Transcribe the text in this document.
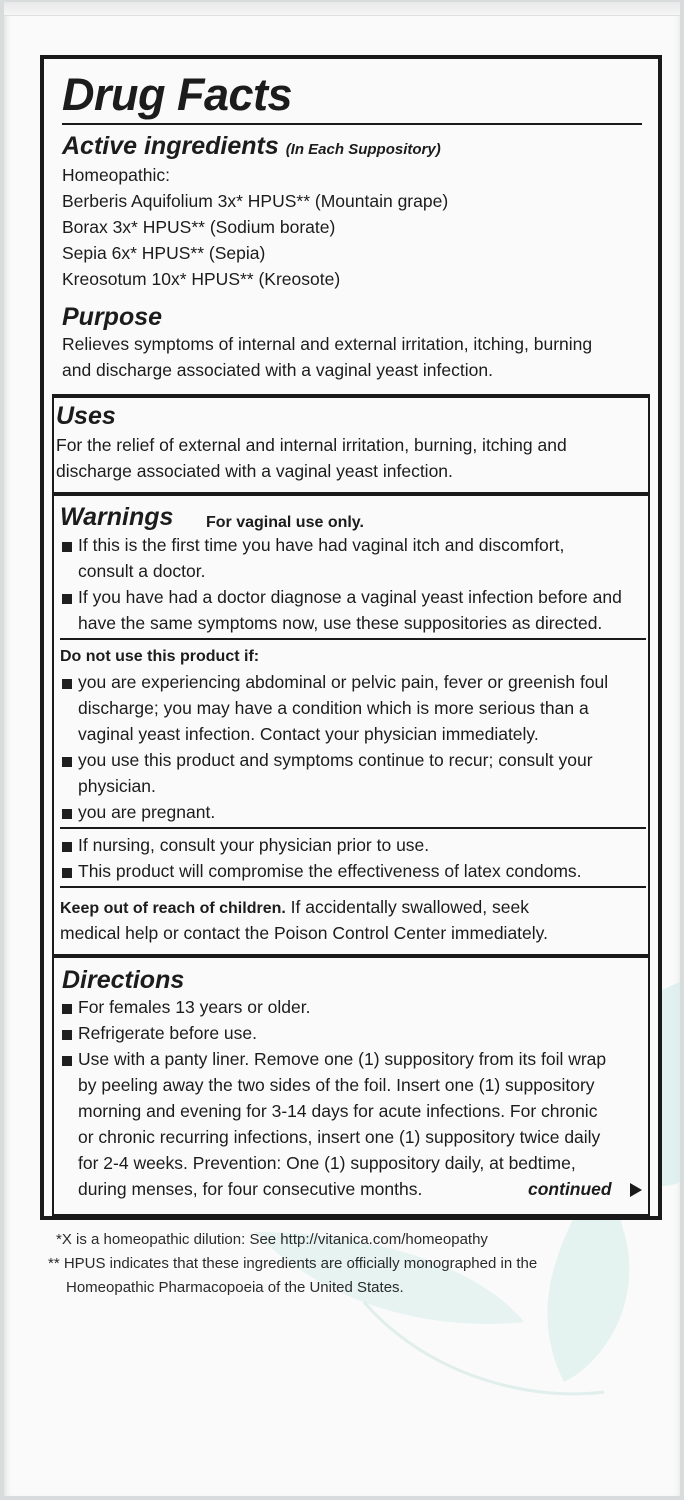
Drug Facts
Active ingredients (In Each Suppository)
Homeopathic:
Berberis Aquifolium 3x* HPUS** (Mountain grape)
Borax 3x* HPUS** (Sodium borate)
Sepia 6x* HPUS** (Sepia)
Kreosotum 10x* HPUS** (Kreosote)
Purpose
Relieves symptoms of internal and external irritation, itching, burning
and discharge associated with a vaginal yeast infection.
Uses
For the relief of external and internal irritation, burning, itching and
discharge associated with a vaginal yeast infection.
Warnings For vaginal use only.
If this is the first time you have had vaginal itch and discomfort,
consult a doctor.
If you have had a doctor diagnose a vaginal yeast infection before and
have the same symptoms now, use these suppositories as directed.
Do not use this product if:
you are experiencing abdominal or pelvic pain, fever or greenish foul
discharge; you may have a condition which is more serious than a
vaginal yeast infection. Contact your physician immediately.
you use this product and symptoms continue to recur; consult your
physician.
you are pregnant.
If nursing, consult your physician prior to use.
This product will compromise the effectiveness of latex condoms.
Keep out of reach of children. If accidentally swallowed, seek
medical help or contact the Poison Control Center immediately.
Directions
For females 13 years or older.
Refrigerate before use.
Use with a panty liner. Remove one (1) suppository from its foil wrap
by peeling away the two sides of the foil. Insert one (1) suppository
morning and evening for 3-14 days for acute infections. For chronic
or chronic recurring infections, insert one (1) suppository twice daily
for 2-4 weeks. Prevention: One (1) suppository daily, at bedtime,
during menses, for four consecutive months.	continued
*X is a homeopathic dilution: See http://vitanica.com/homeopathy
** HPUS indicates that these ingredients are officially monographed in the
Homeopathic Pharmacopoeia of the United States.
